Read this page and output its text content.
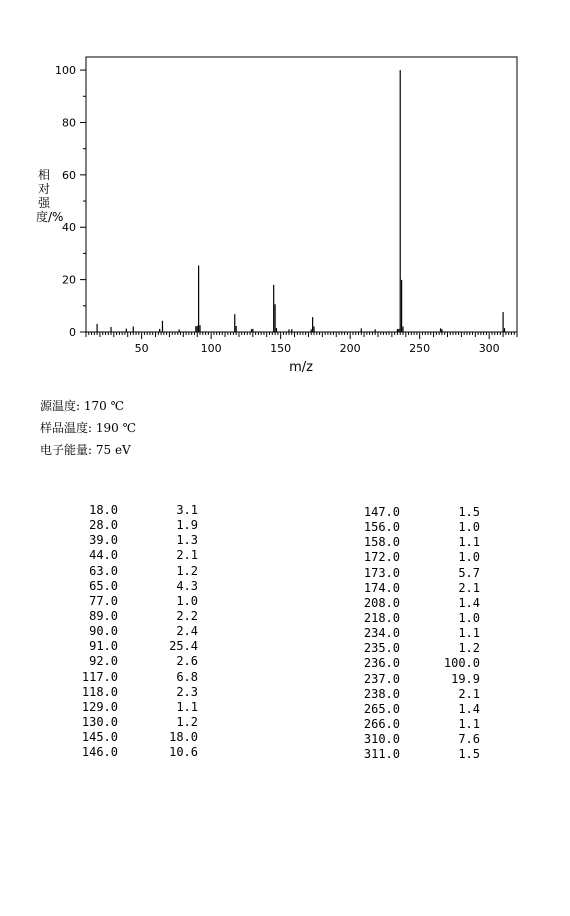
0
20
40
60
80
100
50	100	150	200	250	300
m/z
相对强度/%
源温度: 170 ℃
样品温度: 190 ℃
电子能量: 75 eV
18.0	3.1
28.0	1.9
39.0	1.3
44.0	2.1
63.0	1.2
65.0	4.3
77.0	1.0
89.0	2.2
90.0	2.4
91.0	25.4
92.0	2.6
117.0	6.8
118.0	2.3
129.0	1.1
130.0	1.2
145.0	18.0
146.0	10.6
147.0	1.5
156.0	1.0
158.0	1.1
172.0	1.0
173.0	5.7
174.0	2.1
208.0	1.4
218.0	1.0
234.0	1.1
235.0	1.2
236.0	100.0
237.0	19.9
238.0	2.1
265.0	1.4
266.0	1.1
310.0	7.6
311.0	1.5
